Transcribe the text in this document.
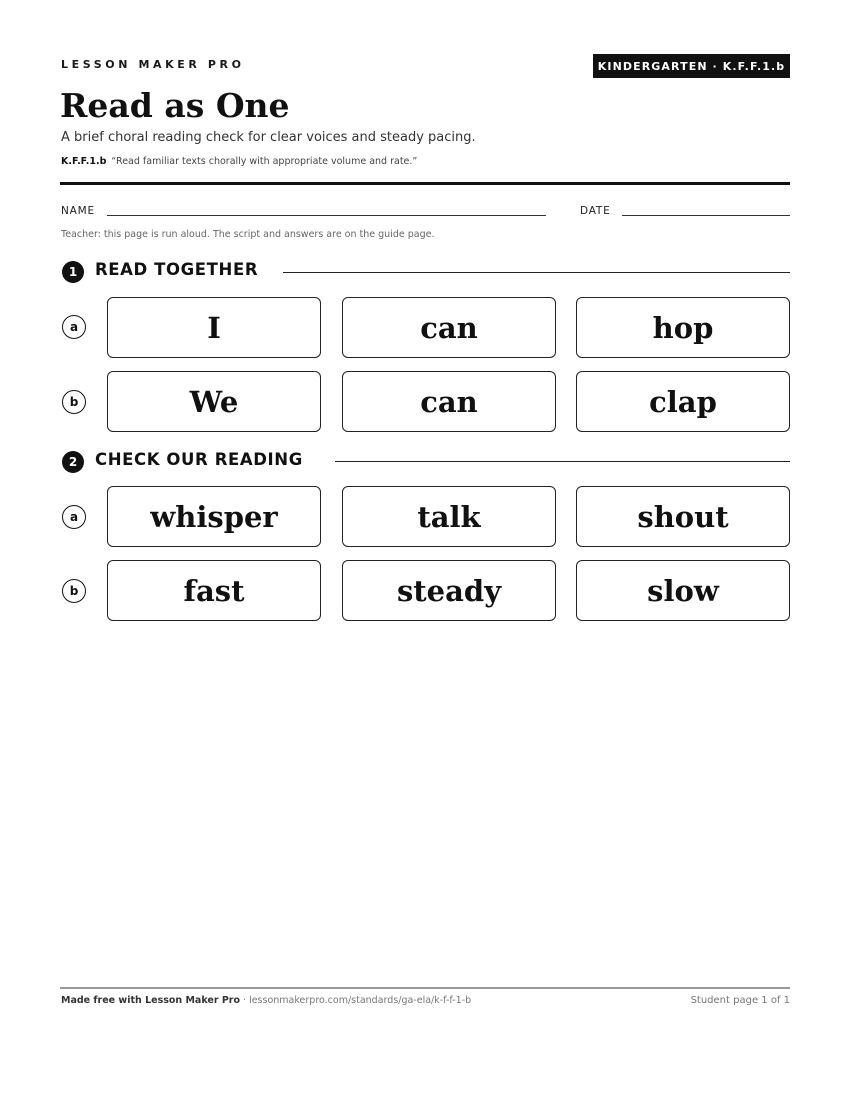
LESSON MAKER PRO	KINDERGARTEN · K.F.F.1.b
Read as One
A brief choral reading check for clear voices and steady pacing.
K.F.F.1.b “Read familiar texts chorally with appropriate volume and rate.”
NAME	DATE
Teacher: this page is run aloud. The script and answers are on the guide page.
1	READ TOGETHER
a	I	can	hop
b	We	can	clap
2	CHECK OUR READING
a	whisper	talk	shout
b	fast	steady	slow
Made free with Lesson Maker Pro · lessonmakerpro.com/standards/ga-ela/k-f-f-1-b	Student page 1 of 1
